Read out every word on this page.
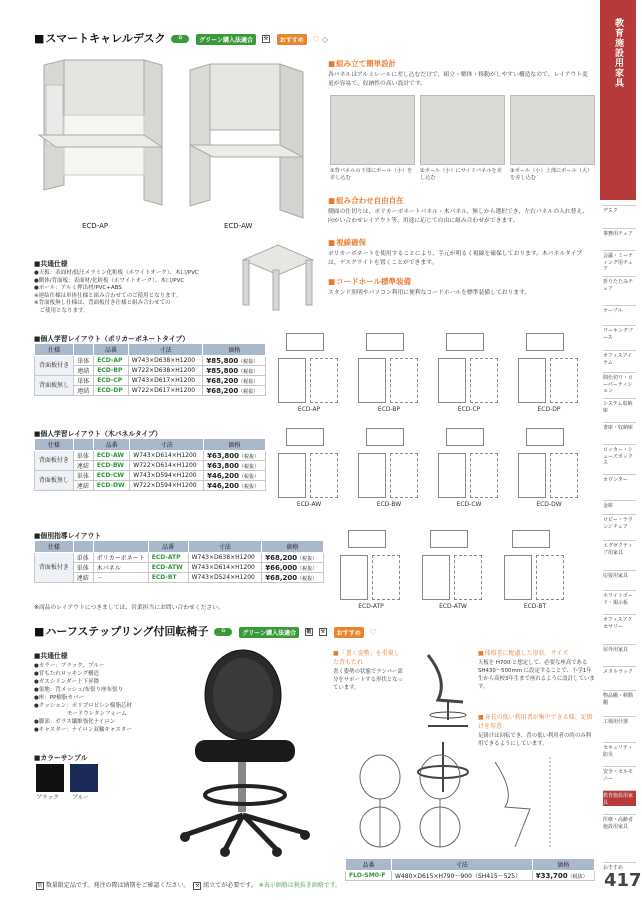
教育施設用家具
デスク
事務用チェア
会議・ミーティング用チェア
折りたたみチェア
テーブル
ワーキングブース
オフィスアイテム
間仕切り・ローパーティション
システム収納庫
書庫・収納庫
ロッカー・シューズボックス
カウンター
金庫
ロビー・ラウンジチェア
エグゼクティブ用家具
応接用家具
ホワイトボード・掲示板
オフィスアクセサリー
屋外用家具
メタルラック
物品棚・移動棚
工場用什器
セキュリティ防災
安全・セルモニー
教育施設用家具
医療・高齢者施設用家具
おすすめ
■ スマートキャレルデスク	♻	グリーン購入法適合 ⚒ おすすめ ♡ ◇
ECD-AP	ECD-AW
■ 組み立て簡単設計
各パネルはアルミレールに差し込むだけで、組立・解体・移動がしやすい構造なので、レイアウト変更が容易で、収納性の高い設計です。
①背パネルの下部にポール（小）を差し込む
②ポール（小）にサイドパネルを差し込む
③ポール（小）上部にポール（大）を差し込む
■ 組み合わせ自由自在
側面の仕切りは、ポリカーボネートパネル・木パネル、無しから選択でき、左右パネルの入れ替え、向かい合わせレイアウト等、用途に応じて自由に組み合わせができます。
■ 視線確保
ポリカーボネートを使用することにより、手元が明るく視線を確保しております。木パネルタイプは、デスクライトを置くことができます。
■ コードホール標準装備
スタンド照明やパソコン利用に便利なコードホールを標準装備しております。
■ 共通仕様
●天板：表面材/低圧メラミン化粧板（ホワイトオーク）、木口/PVC
●側体/背面板：表面材/化粧板（ホワイトオーク）、木口/PVC
●ポール：アルミ押出材/PVC+ABS
※連結仕様は単体仕様と組み合わせてのご使用となります。
※背面板無し仕様は、背面板付き仕様と組み合わせての
　ご使用となります。
■ 個人学習レイアウト（ポリカーボネートタイプ）
仕様		品番	寸法	価格
背面板付き	単体	ECD-AP	W743×D638×H1200	¥85,800（税抜）
	連結	ECD-BP	W722×D638×H1200	¥85,800（税抜）
背面板無し	単体	ECD-CP	W743×D617×H1200	¥68,200（税抜）
	連結	ECD-DP	W722×D617×H1200	¥68,200（税抜）
■ 個人学習レイアウト（木パネルタイプ）
仕様		品番	寸法	価格
背面板付き	単体	ECD-AW	W743×D614×H1200	¥63,800（税抜）
	連結	ECD-BW	W722×D614×H1200	¥63,800（税抜）
背面板無し	単体	ECD-CW	W743×D594×H1200	¥46,200（税抜）
	連結	ECD-DW	W722×D594×H1200	¥46,200（税抜）
■ 個別指導レイアウト
仕様			品番	寸法	価格
背面板付き	単体	ポリカーボネート	ECD-ATP	W743×D638×H1200	¥68,200（税抜）
	単体	木パネル	ECD-ATW	W743×D614×H1200	¥66,000（税抜）
	連結	－	ECD-BT	W743×D524×H1200	¥68,200（税抜）
※商品のレイアウトにつきましては、営業担当にお問い合わせください。
ECD-AP	ECD-BP	ECD-CP	ECD-DP
ECD-AW	ECD-BW	ECD-CW	ECD-DW
ECD-ATP	ECD-ATW	ECD-BT
■ ハーフステップリング付回転椅子	♻	グリーン購入法適合 数 ⚒ おすすめ ♡
■ 共通仕様
●カラー：ブラック、ブルー
●背もたれロッキング構造
●ガスシリンダー上下昇降
●張地：背メッシュ/布張り座布張り
●座：PP樹脂カバー
●クッション：ポリプロピレン樹脂芯材
　　　　　　モードウレタンフォーム
●脚部：ガラス繊維強化ナイロン
●キャスター：ナイロン双輪キャスター
■ カラーサンプル
ブラック ブルー
■ 「書く姿勢」を重視した背もたれ
書く姿勢の状態でランバー部分をサポートする形状となっています。
■ 体格差に配慮した形状、サイズ
天板を H700 と想定して、必要な座高である SH430～500mm に設定することで、小学1年生から高校3年生まで座れるように設計しています。
■ 身長の低い利用者が集中できる様、足掛けを用意
足掛けは回転でき、背の低い利用者の時のみ利用できるようにしています。
品番	寸法	価格
FLO-SM0-F	W480×D615×H790～900（SH415～525）	¥33,700（税抜）
数 数量限定品です。発注の際は納期をご確認ください。 ⚒ 組立てが必要です。 ※表示価格は税抜き価格です。	417
